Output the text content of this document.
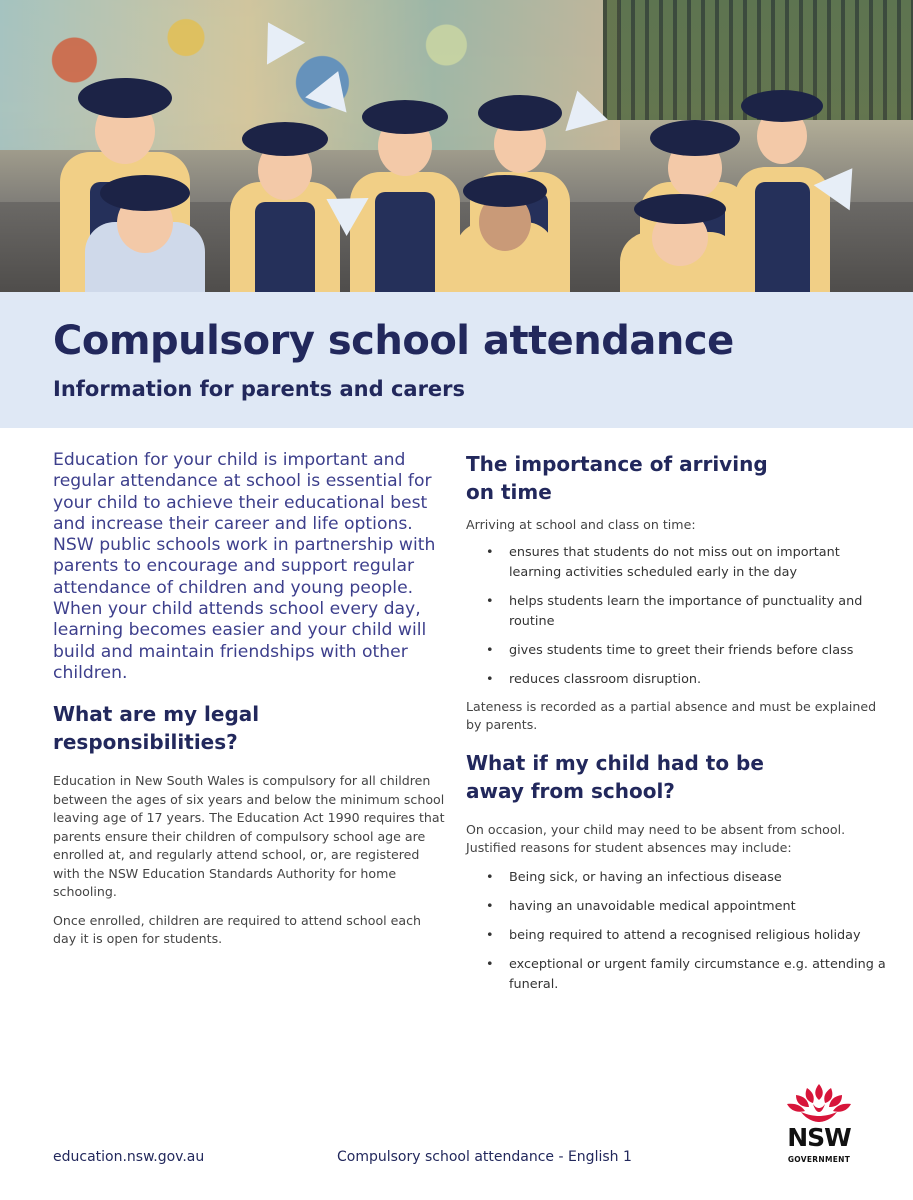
Compulsory school attendance
Information for parents and carers

Education for your child is important and regular attendance at school is essential for your child to achieve their educational best and increase their career and life options. NSW public schools work in partnership with parents to encourage and support regular attendance of children and young people. When your child attends school every day, learning becomes easier and your child will build and maintain friendships with other children.

What are my legal
responsibilities?

Education in New South Wales is compulsory for all children between the ages of six years and below the minimum school leaving age of 17 years. The Education Act 1990 requires that parents ensure their children of compulsory school age are enrolled at, and regularly attend school, or, are registered with the NSW Education Standards Authority for home schooling.

Once enrolled, children are required to attend school each day it is open for students.

The importance of arriving
on time

Arriving at school and class on time:

• ensures that students do not miss out on important learning activities scheduled early in the day
• helps students learn the importance of punctuality and routine
• gives students time to greet their friends before class
• reduces classroom disruption.

Lateness is recorded as a partial absence and must be explained by parents.

What if my child had to be
away from school?

On occasion, your child may need to be absent from school. Justified reasons for student absences may include:

• Being sick, or having an infectious disease
• having an unavoidable medical appointment
• being required to attend a recognised religious holiday
• exceptional or urgent family circumstance e.g. attending a funeral.
education.nsw.gov.au	Compulsory school attendance - English 1
NSW
GOVERNMENT
